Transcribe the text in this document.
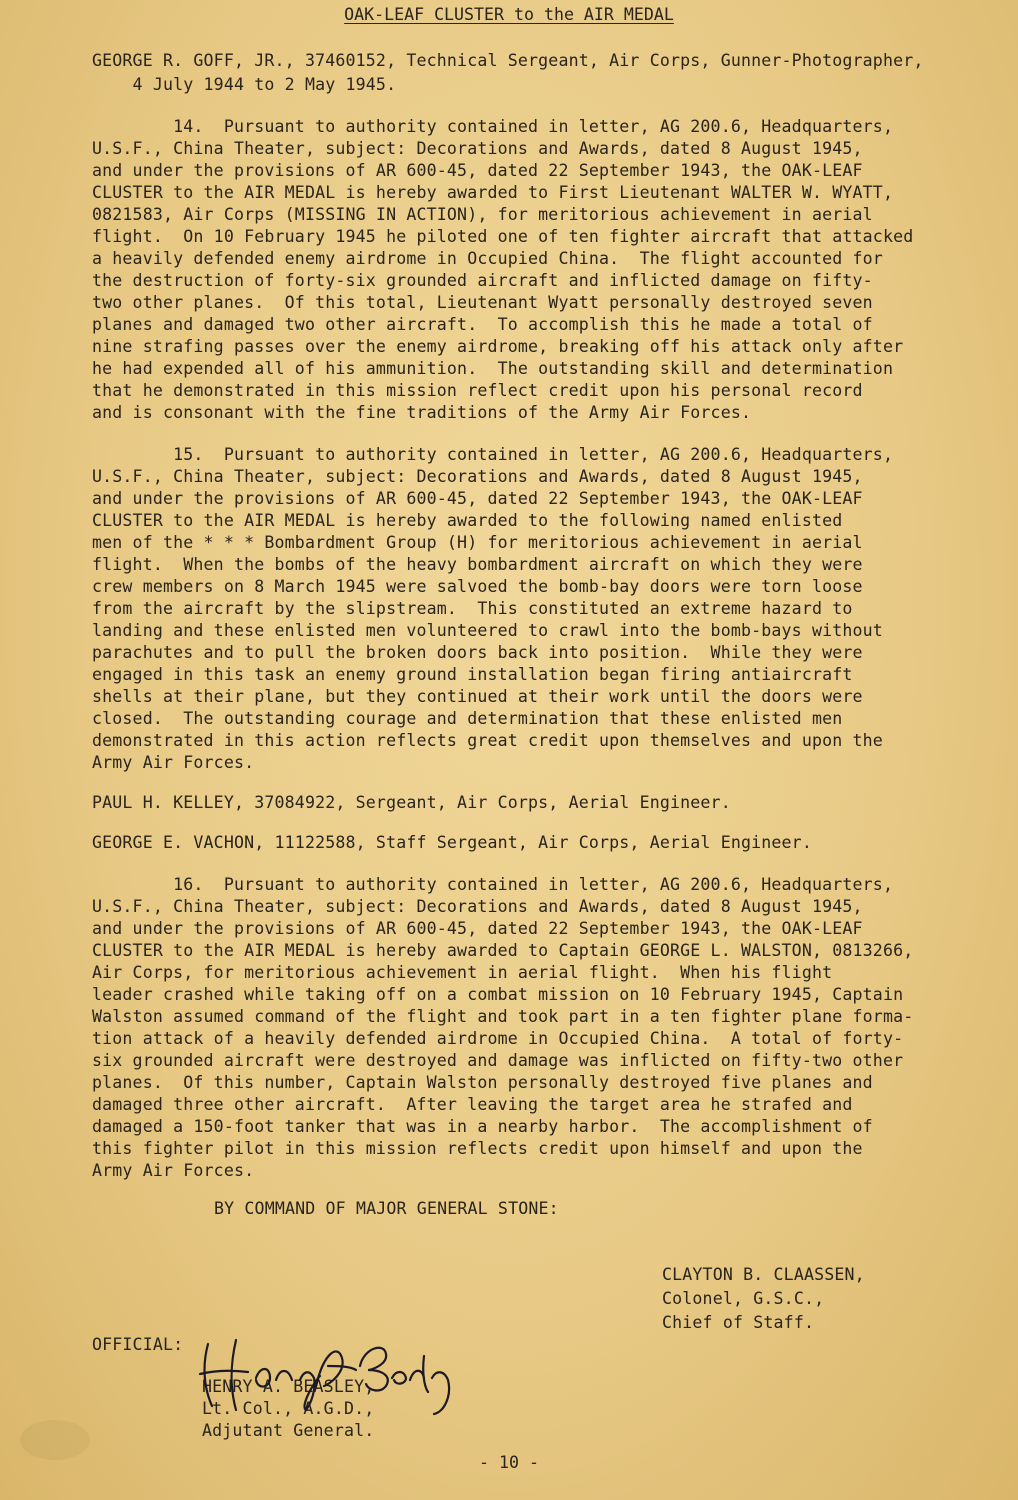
OAK-LEAF CLUSTER to the AIR MEDAL
GEORGE R. GOFF, JR., 37460152, Technical Sergeant, Air Corps, Gunner-Photographer,
4 July 1944 to 2 May 1945.
14.  Pursuant to authority contained in letter, AG 200.6, Headquarters,
U.S.F., China Theater, subject: Decorations and Awards, dated 8 August 1945,
and under the provisions of AR 600-45, dated 22 September 1943, the OAK-LEAF
CLUSTER to the AIR MEDAL is hereby awarded to First Lieutenant WALTER W. WYATT,
0821583, Air Corps (MISSING IN ACTION), for meritorious achievement in aerial
flight.  On 10 February 1945 he piloted one of ten fighter aircraft that attacked
a heavily defended enemy airdrome in Occupied China.  The flight accounted for
the destruction of forty-six grounded aircraft and inflicted damage on fifty-
two other planes.  Of this total, Lieutenant Wyatt personally destroyed seven
planes and damaged two other aircraft.  To accomplish this he made a total of
nine strafing passes over the enemy airdrome, breaking off his attack only after
he had expended all of his ammunition.  The outstanding skill and determination
that he demonstrated in this mission reflect credit upon his personal record
and is consonant with the fine traditions of the Army Air Forces.
15.  Pursuant to authority contained in letter, AG 200.6, Headquarters,
U.S.F., China Theater, subject: Decorations and Awards, dated 8 August 1945,
and under the provisions of AR 600-45, dated 22 September 1943, the OAK-LEAF
CLUSTER to the AIR MEDAL is hereby awarded to the following named enlisted
men of the * * * Bombardment Group (H) for meritorious achievement in aerial
flight.  When the bombs of the heavy bombardment aircraft on which they were
crew members on 8 March 1945 were salvoed the bomb-bay doors were torn loose
from the aircraft by the slipstream.  This constituted an extreme hazard to
landing and these enlisted men volunteered to crawl into the bomb-bays without
parachutes and to pull the broken doors back into position.  While they were
engaged in this task an enemy ground installation began firing antiaircraft
shells at their plane, but they continued at their work until the doors were
closed.  The outstanding courage and determination that these enlisted men
demonstrated in this action reflects great credit upon themselves and upon the
Army Air Forces.
PAUL H. KELLEY, 37084922, Sergeant, Air Corps, Aerial Engineer.
GEORGE E. VACHON, 11122588, Staff Sergeant, Air Corps, Aerial Engineer.
16.  Pursuant to authority contained in letter, AG 200.6, Headquarters,
U.S.F., China Theater, subject: Decorations and Awards, dated 8 August 1945,
and under the provisions of AR 600-45, dated 22 September 1943, the OAK-LEAF
CLUSTER to the AIR MEDAL is hereby awarded to Captain GEORGE L. WALSTON, 0813266,
Air Corps, for meritorious achievement in aerial flight.  When his flight
leader crashed while taking off on a combat mission on 10 February 1945, Captain
Walston assumed command of the flight and took part in a ten fighter plane forma-
tion attack of a heavily defended airdrome in Occupied China.  A total of forty-
six grounded aircraft were destroyed and damage was inflicted on fifty-two other
planes.  Of this number, Captain Walston personally destroyed five planes and
damaged three other aircraft.  After leaving the target area he strafed and
damaged a 150-foot tanker that was in a nearby harbor.  The accomplishment of
this fighter pilot in this mission reflects credit upon himself and upon the
Army Air Forces.
BY COMMAND OF MAJOR GENERAL STONE:
CLAYTON B. CLAASSEN,
Colonel, G.S.C.,
Chief of Staff.
OFFICIAL:
HENRY A. BEASLEY,
Lt. Col., A.G.D.,
Adjutant General.
- 10 -
